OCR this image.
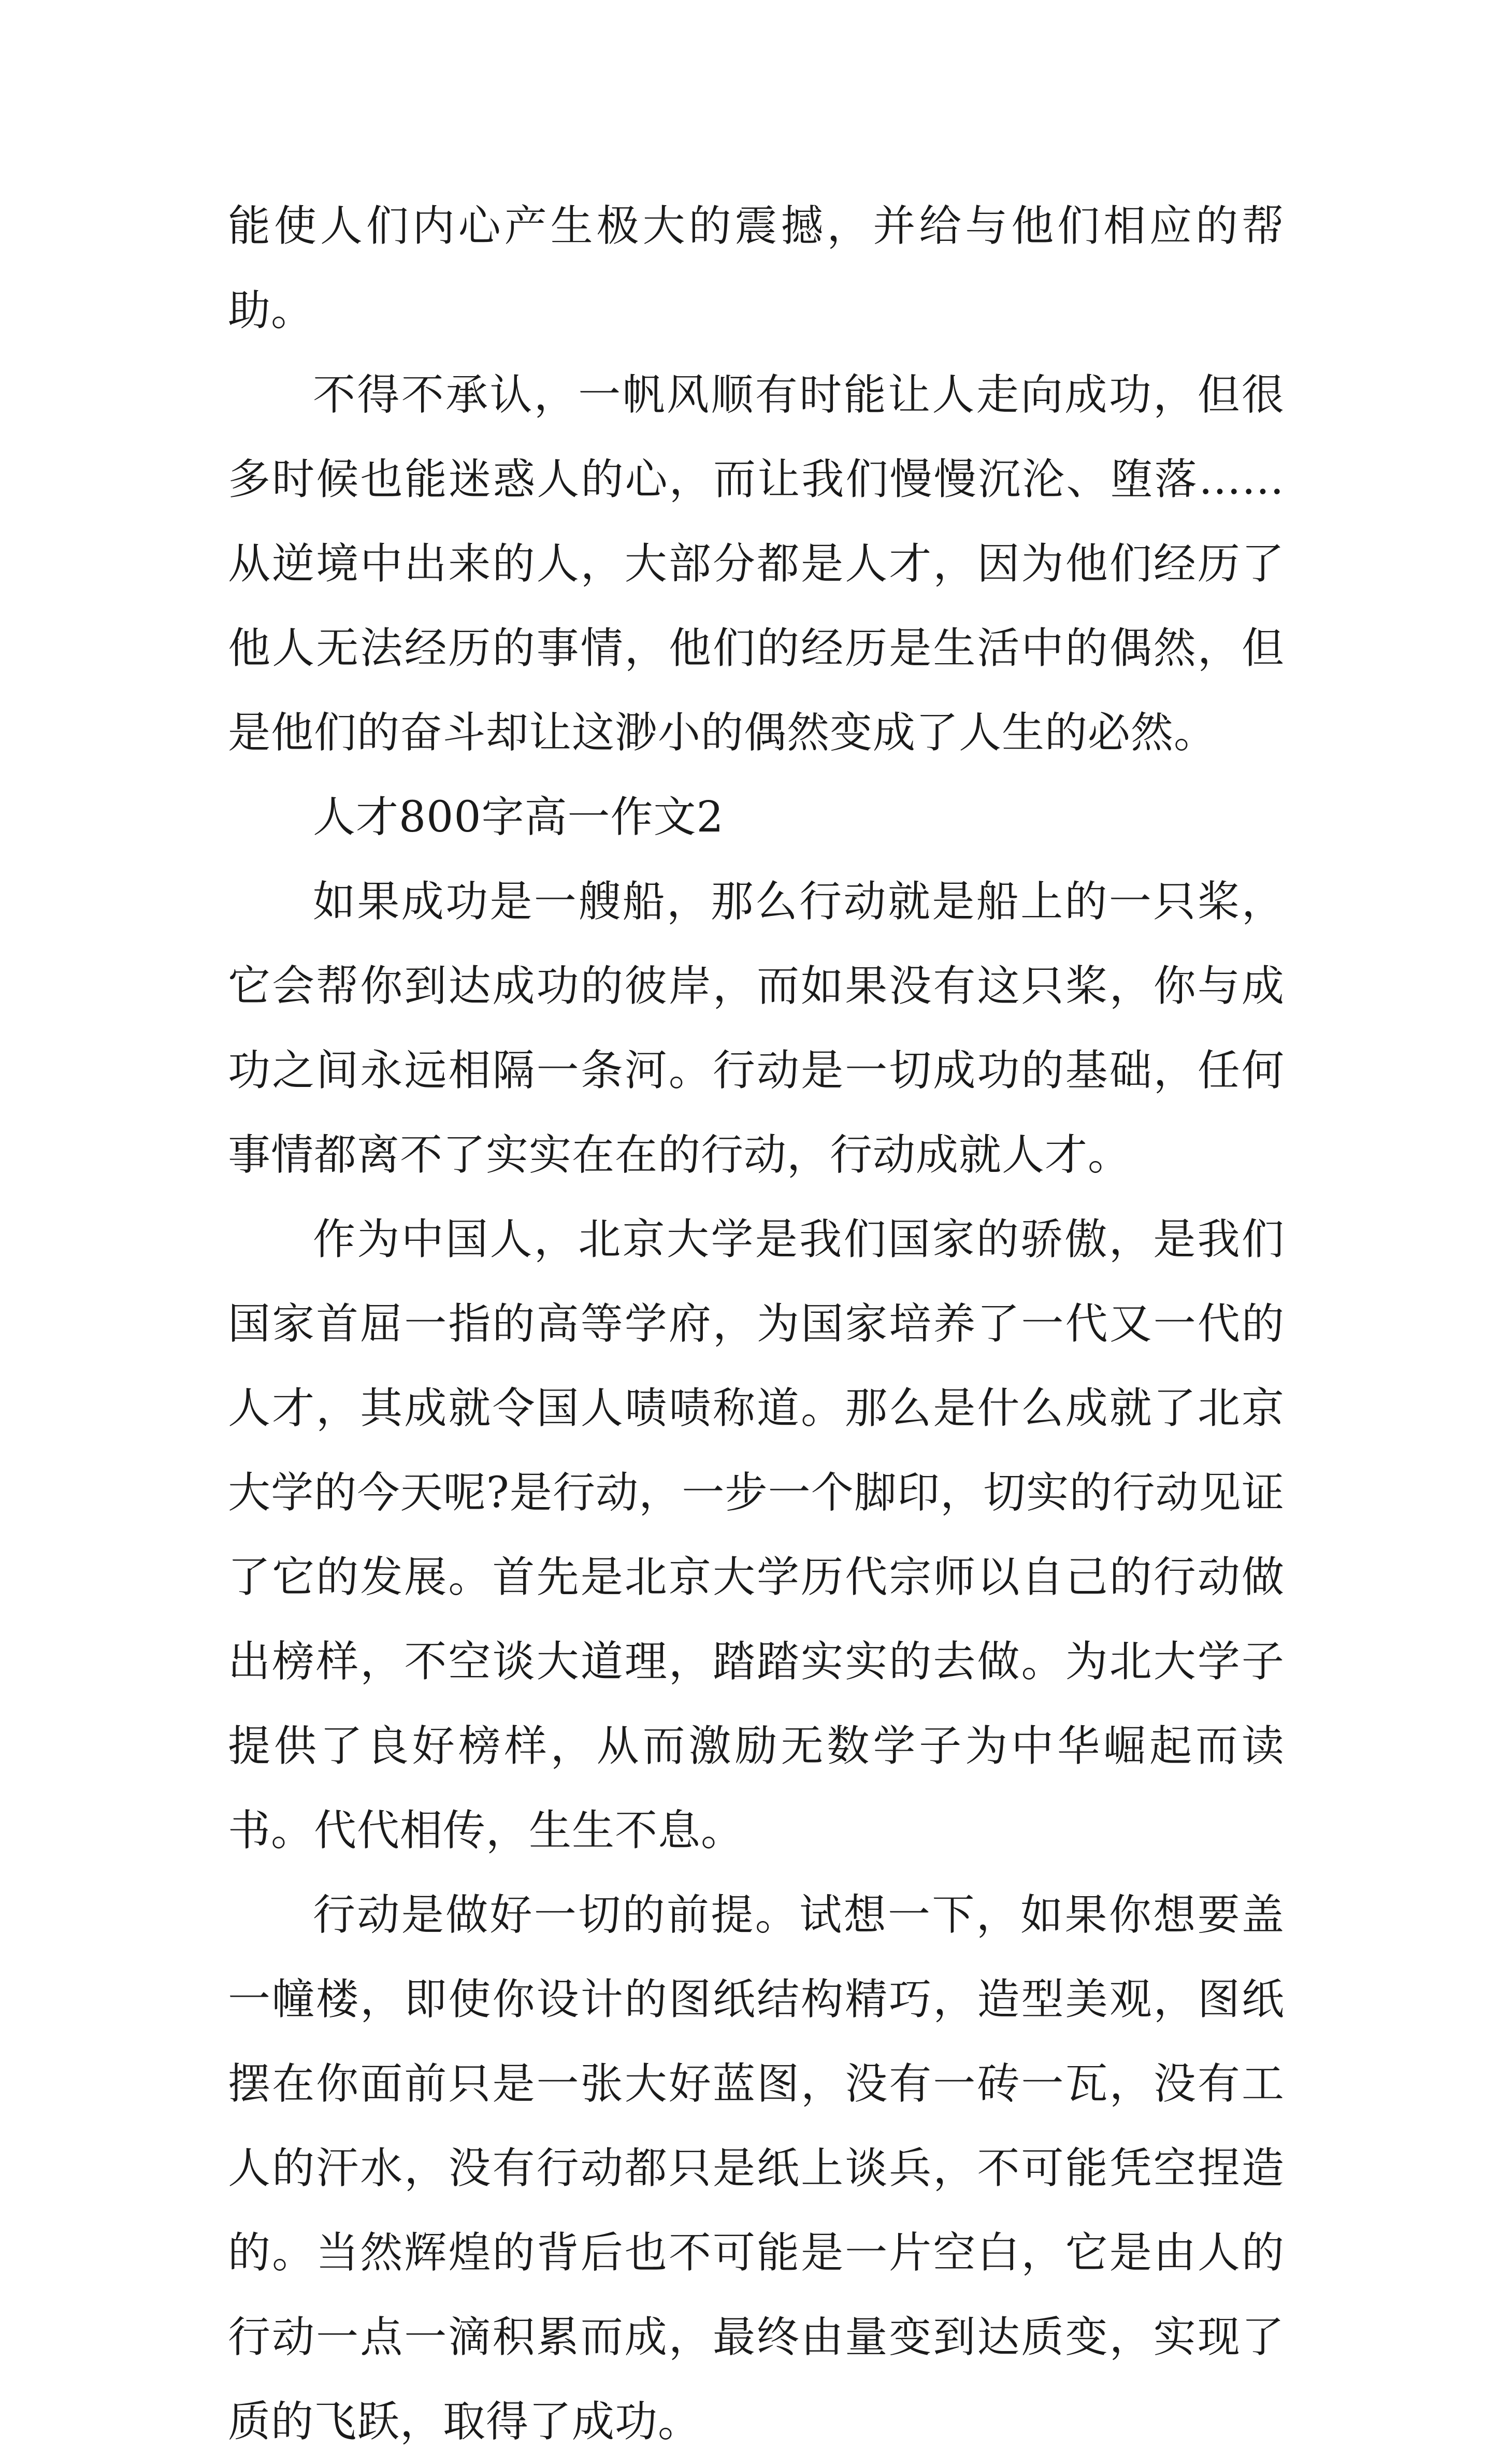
能使人们内心产生极大的震撼，并给与他们相应的帮助。

不得不承认，一帆风顺有时能让人走向成功，但很多时候也能迷惑人的心，而让我们慢慢沉沦、堕落……从逆境中出来的人，大部分都是人才，因为他们经历了他人无法经历的事情，他们的经历是生活中的偶然，但是他们的奋斗却让这渺小的偶然变成了人生的必然。

人才800字高一作文2

如果成功是一艘船，那么行动就是船上的一只桨，它会帮你到达成功的彼岸，而如果没有这只桨，你与成功之间永远相隔一条河。行动是一切成功的基础，任何事情都离不了实实在在的行动，行动成就人才。

作为中国人，北京大学是我们国家的骄傲，是我们国家首屈一指的高等学府，为国家培养了一代又一代的人才，其成就令国人啧啧称道。那么是什么成就了北京大学的今天呢?是行动，一步一个脚印，切实的行动见证了它的发展。首先是北京大学历代宗师以自己的行动做出榜样，不空谈大道理，踏踏实实的去做。为北大学子提供了良好榜样，从而激励无数学子为中华崛起而读书。代代相传，生生不息。

行动是做好一切的前提。试想一下，如果你想要盖一幢楼，即使你设计的图纸结构精巧，造型美观，图纸摆在你面前只是一张大好蓝图，没有一砖一瓦，没有工人的汗水，没有行动都只是纸上谈兵，不可能凭空捏造的。当然辉煌的背后也不可能是一片空白，它是由人的行动一点一滴积累而成，最终由量变到达质变，实现了质的飞跃，取得了成功。
